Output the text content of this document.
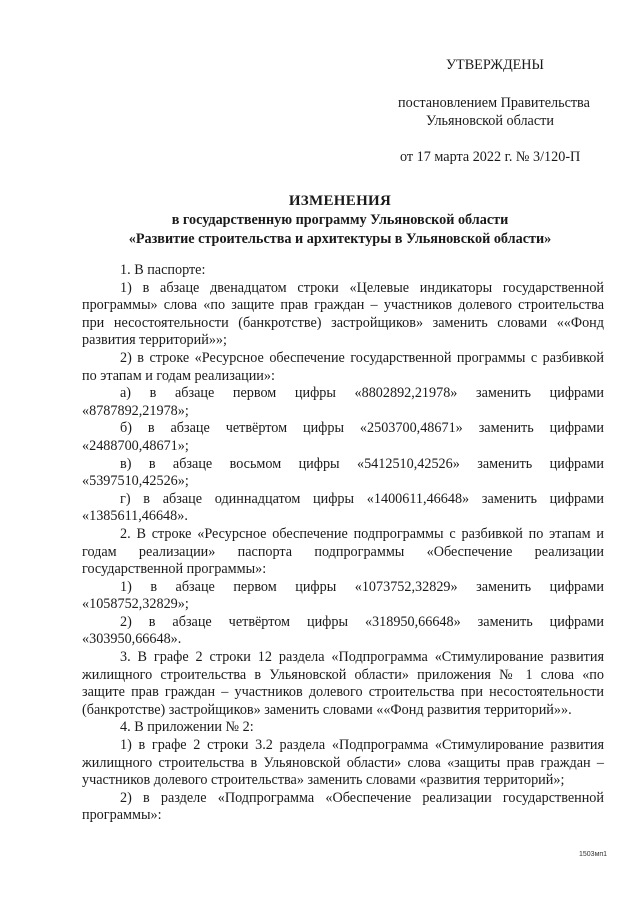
УТВЕРЖДЕНЫ
постановлением Правительства
Ульяновской области
от 17 марта 2022 г. № 3/120-П
ИЗМЕНЕНИЯ
в государственную программу Ульяновской области
«Развитие строительства и архитектуры в Ульяновской области»

1. В паспорте:

1) в абзаце двенадцатом строки «Целевые индикаторы государственной программы» слова «по защите прав граждан – участников долевого строительства при несостоятельности (банкротстве) застройщиков» заменить словами ««Фонд развития территорий»»;

2) в строке «Ресурсное обеспечение государственной программы с разбивкой по этапам и годам реализации»:

а) в абзаце первом цифры «8802892,21978» заменить цифрами «8787892,21978»;

б) в абзаце четвёртом цифры «2503700,48671» заменить цифрами «2488700,48671»;

в) в абзаце восьмом цифры «5412510,42526» заменить цифрами «5397510,42526»;

г) в абзаце одиннадцатом цифры «1400611,46648» заменить цифрами «1385611,46648».

2. В строке «Ресурсное обеспечение подпрограммы с разбивкой по этапам и годам реализации» паспорта подпрограммы «Обеспечение реализации государственной программы»:

1) в абзаце первом цифры «1073752,32829» заменить цифрами «1058752,32829»;

2) в абзаце четвёртом цифры «318950,66648» заменить цифрами «303950,66648».

3. В графе 2 строки 12 раздела «Подпрограмма «Стимулирование развития жилищного строительства в Ульяновской области» приложения № 1 слова «по защите прав граждан – участников долевого строительства при несостоятельности (банкротстве) застройщиков» заменить словами ««Фонд развития территорий»».

4. В приложении № 2:

1) в графе 2 строки 3.2 раздела «Подпрограмма «Стимулирование развития жилищного строительства в Ульяновской области» слова «защиты прав граждан – участников долевого строительства» заменить словами «развития территорий»;

2) в разделе «Подпрограмма «Обеспечение реализации государственной программы»:

1503мп1
